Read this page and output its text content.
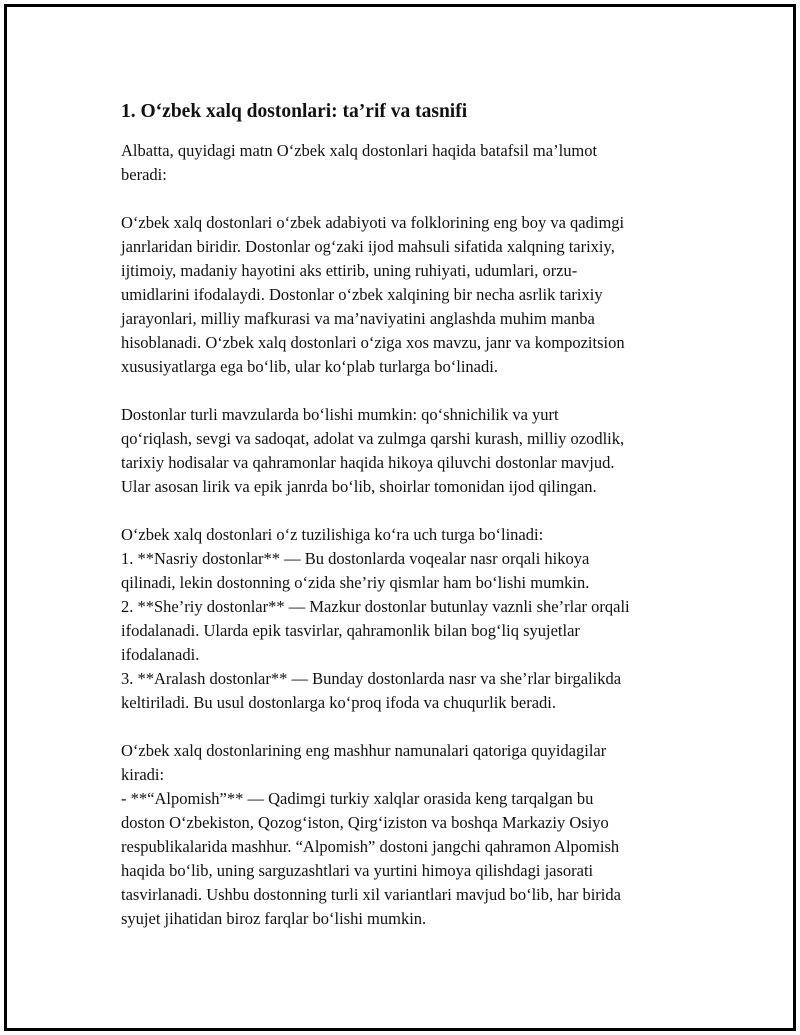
1. O‘zbek xalq dostonlari: ta’rif va tasnifi

Albatta, quyidagi matn O‘zbek xalq dostonlari haqida batafsil ma’lumot
beradi:

O‘zbek xalq dostonlari o‘zbek adabiyoti va folklorining eng boy va qadimgi
janrlaridan biridir. Dostonlar og‘zaki ijod mahsuli sifatida xalqning tarixiy,
ijtimoiy, madaniy hayotini aks ettirib, uning ruhiyati, udumlari, orzu-
umidlarini ifodalaydi. Dostonlar o‘zbek xalqining bir necha asrlik tarixiy
jarayonlari, milliy mafkurasi va ma’naviyatini anglashda muhim manba
hisoblanadi. O‘zbek xalq dostonlari o‘ziga xos mavzu, janr va kompozitsion
xususiyatlarga ega bo‘lib, ular ko‘plab turlarga bo‘linadi.

Dostonlar turli mavzularda bo‘lishi mumkin: qo‘shnichilik va yurt
qo‘riqlash, sevgi va sadoqat, adolat va zulmga qarshi kurash, milliy ozodlik,
tarixiy hodisalar va qahramonlar haqida hikoya qiluvchi dostonlar mavjud.
Ular asosan lirik va epik janrda bo‘lib, shoirlar tomonidan ijod qilingan.

O‘zbek xalq dostonlari o‘z tuzilishiga ko‘ra uch turga bo‘linadi:
1. **Nasriy dostonlar** — Bu dostonlarda voqealar nasr orqali hikoya
qilinadi, lekin dostonning o‘zida she’riy qismlar ham bo‘lishi mumkin.
2. **She’riy dostonlar** — Mazkur dostonlar butunlay vaznli she’rlar orqali
ifodalanadi. Ularda epik tasvirlar, qahramonlik bilan bog‘liq syujetlar
ifodalanadi.
3. **Aralash dostonlar** — Bunday dostonlarda nasr va she’rlar birgalikda
keltiriladi. Bu usul dostonlarga ko‘proq ifoda va chuqurlik beradi.

O‘zbek xalq dostonlarining eng mashhur namunalari qatoriga quyidagilar
kiradi:
- **“Alpomish”** — Qadimgi turkiy xalqlar orasida keng tarqalgan bu
doston O‘zbekiston, Qozog‘iston, Qirg‘iziston va boshqa Markaziy Osiyo
respublikalarida mashhur. “Alpomish” dostoni jangchi qahramon Alpomish
haqida bo‘lib, uning sarguzashtlari va yurtini himoya qilishdagi jasorati
tasvirlanadi. Ushbu dostonning turli xil variantlari mavjud bo‘lib, har birida
syujet jihatidan biroz farqlar bo‘lishi mumkin.
